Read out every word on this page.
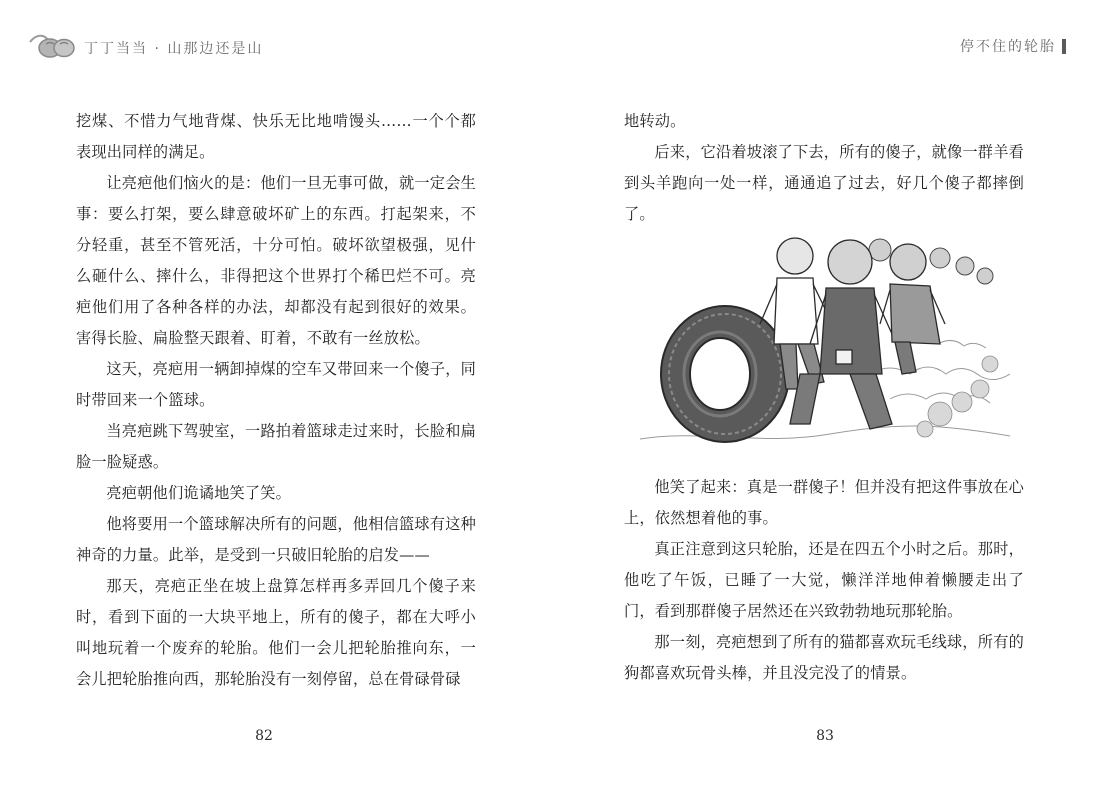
丁丁当当 · 山那边还是山

挖煤、不惜力气地背煤、快乐无比地啃馒头……一个个都表现出同样的满足。

让亮疤他们恼火的是：他们一旦无事可做，就一定会生事：要么打架，要么肆意破坏矿上的东西。打起架来，不分轻重，甚至不管死活，十分可怕。破坏欲望极强，见什么砸什么、摔什么，非得把这个世界打个稀巴烂不可。亮疤他们用了各种各样的办法，却都没有起到很好的效果。害得长脸、扁脸整天跟着、盯着，不敢有一丝放松。

这天，亮疤用一辆卸掉煤的空车又带回来一个傻子，同时带回来一个篮球。

当亮疤跳下驾驶室，一路拍着篮球走过来时，长脸和扁脸一脸疑惑。

亮疤朝他们诡谲地笑了笑。

他将要用一个篮球解决所有的问题，他相信篮球有这种神奇的力量。此举，是受到一只破旧轮胎的启发——

那天，亮疤正坐在坡上盘算怎样再多弄回几个傻子来时，看到下面的一大块平地上，所有的傻子，都在大呼小叫地玩着一个废弃的轮胎。他们一会儿把轮胎推向东，一会儿把轮胎推向西，那轮胎没有一刻停留，总在骨碌骨碌

82
停不住的轮胎

地转动。

后来，它沿着坡滚了下去，所有的傻子，就像一群羊看到头羊跑向一处一样，通通追了过去，好几个傻子都摔倒了。

他笑了起来：真是一群傻子！但并没有把这件事放在心上，依然想着他的事。

真正注意到这只轮胎，还是在四五个小时之后。那时，他吃了午饭，已睡了一大觉，懒洋洋地伸着懒腰走出了门，看到那群傻子居然还在兴致勃勃地玩那轮胎。

那一刻，亮疤想到了所有的猫都喜欢玩毛线球，所有的狗都喜欢玩骨头棒，并且没完没了的情景。

83
